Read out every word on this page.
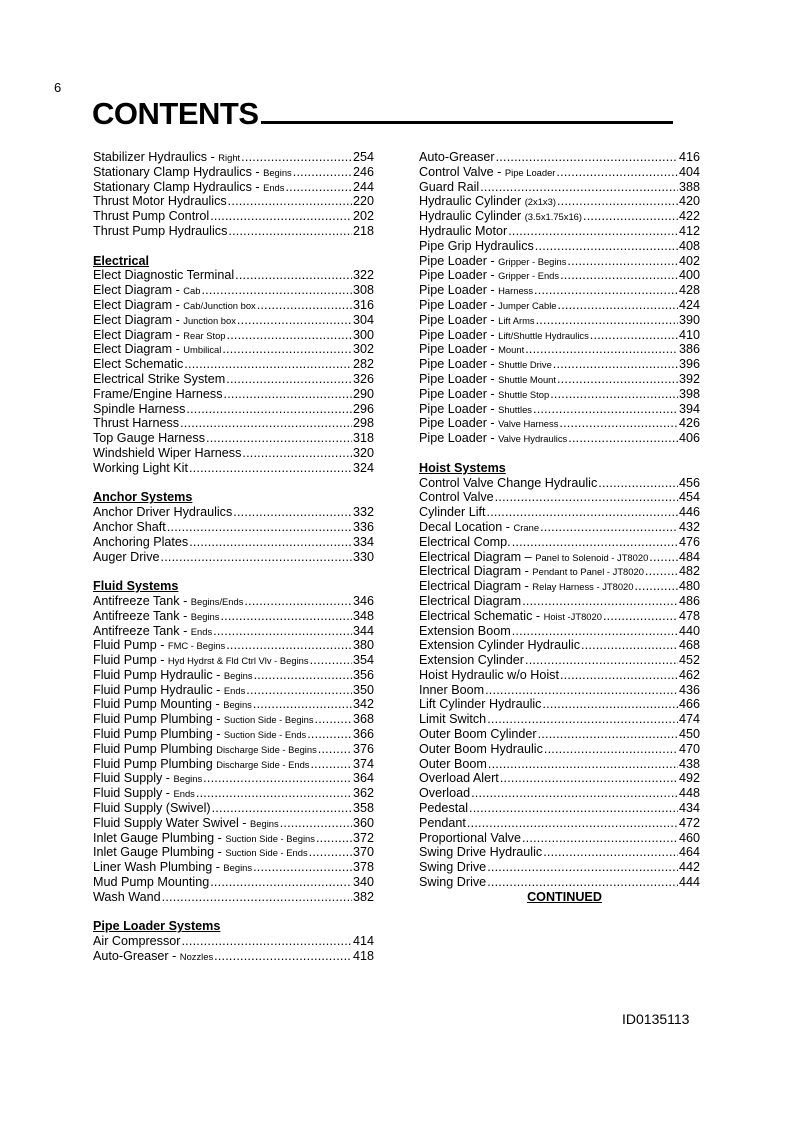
6
CONTENTS
Stabilizer Hydraulics - Right .....	254
Stationary Clamp Hydraulics - Begins .....	246
Stationary Clamp Hydraulics - Ends .....	244
Thrust Motor Hydraulics .....	220
Thrust Pump Control .....	202
Thrust Pump Hydraulics .....	218
Electrical
Elect Diagnostic Terminal .....	322
Elect Diagram - Cab .....	308
Elect Diagram - Cab/Junction box .....	316
Elect Diagram - Junction box .....	304
Elect Diagram - Rear Stop .....	300
Elect Diagram - Umbilical .....	302
Elect Schematic .....	282
Electrical Strike System .....	326
Frame/Engine Harness .....	290
Spindle Harness .....	296
Thrust Harness .....	298
Top Gauge Harness .....	318
Windshield Wiper Harness .....	320
Working Light Kit .....	324
Anchor Systems
Anchor Driver Hydraulics .....	332
Anchor Shaft .....	336
Anchoring Plates .....	334
Auger Drive .....	330
Fluid Systems
Antifreeze Tank - Begins/Ends .....	346
Antifreeze Tank - Begins .....	348
Antifreeze Tank - Ends .....	344
Fluid Pump - FMC - Begins .....	380
Fluid Pump - Hyd Hydrst & Fld Ctrl Vlv - Begins .....	354
Fluid Pump Hydraulic - Begins .....	356
Fluid Pump Hydraulic - Ends .....	350
Fluid Pump Mounting - Begins .....	342
Fluid Pump Plumbing - Suction Side - Begins .....	368
Fluid Pump Plumbing - Suction Side - Ends .....	366
Fluid Pump Plumbing Discharge Side - Begins .....	376
Fluid Pump Plumbing Discharge Side - Ends .....	374
Fluid Supply - Begins .....	364
Fluid Supply - Ends .....	362
Fluid Supply (Swivel) .....	358
Fluid Supply Water Swivel - Begins .....	360
Inlet Gauge Plumbing - Suction Side - Begins .....	372
Inlet Gauge Plumbing - Suction Side - Ends .....	370
Liner Wash Plumbing - Begins .....	378
Mud Pump Mounting .....	340
Wash Wand .....	382
Pipe Loader Systems
Air Compressor .....	414
Auto-Greaser - Nozzles .....	418
Auto-Greaser .....	416
Control Valve - Pipe Loader .....	404
Guard Rail .....	388
Hydraulic Cylinder (2x1x3) .....	420
Hydraulic Cylinder (3.5x1.75x16) .....	422
Hydraulic Motor .....	412
Pipe Grip Hydraulics .....	408
Pipe Loader - Gripper - Begins .....	402
Pipe Loader - Gripper - Ends .....	400
Pipe Loader - Harness .....	428
Pipe Loader - Jumper Cable .....	424
Pipe Loader - Lift Arms .....	390
Pipe Loader - Lift/Shuttle Hydraulics .....	410
Pipe Loader - Mount .....	386
Pipe Loader - Shuttle Drive .....	396
Pipe Loader - Shuttle Mount .....	392
Pipe Loader - Shuttle Stop .....	398
Pipe Loader - Shuttles .....	394
Pipe Loader - Valve Harness .....	426
Pipe Loader - Valve Hydraulics .....	406
Hoist Systems
Control Valve Change Hydraulic .....	456
Control Valve .....	454
Cylinder Lift .....	446
Decal Location - Crane .....	432
Electrical Comp. .....	476
Electrical Diagram – Panel to Solenoid - JT8020 ..... 484
Electrical Diagram - Pendant to Panel - JT8020 .....	482
Electrical Diagram - Relay Harness - JT8020 .....	480
Electrical Diagram .....	486
Electrical Schematic - Hoist -JT8020 .....	478
Extension Boom .....	440
Extension Cylinder Hydraulic .....	468
Extension Cylinder .....	452
Hoist Hydraulic w/o Hoist .....	462
Inner Boom .....	436
Lift Cylinder Hydraulic .....	466
Limit Switch .....	474
Outer Boom Cylinder .....	450
Outer Boom Hydraulic .....	470
Outer Boom .....	438
Overload Alert .....	492
Overload .....	448
Pedestal .....	434
Pendant .....	472
Proportional Valve .....	460
Swing Drive Hydraulic .....	464
Swing Drive .....	442
Swing Drive .....	444
CONTINUED
ID0135113
